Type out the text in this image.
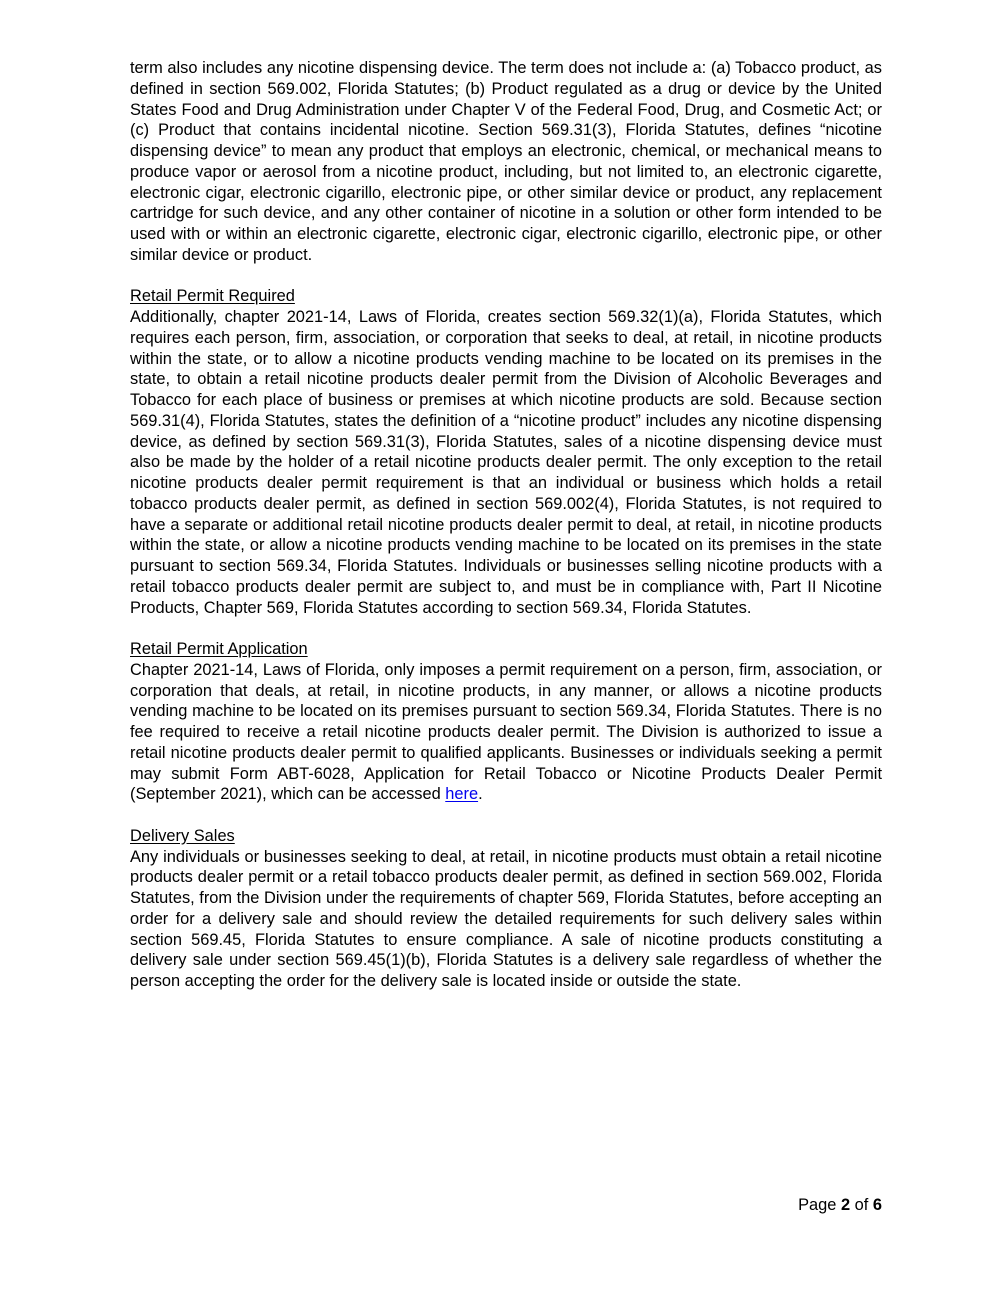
term also includes any nicotine dispensing device. The term does not include a: (a) Tobacco product, as defined in section 569.002, Florida Statutes; (b) Product regulated as a drug or device by the United States Food and Drug Administration under Chapter V of the Federal Food, Drug, and Cosmetic Act; or (c) Product that contains incidental nicotine. Section 569.31(3), Florida Statutes, defines “nicotine dispensing device” to mean any product that employs an electronic, chemical, or mechanical means to produce vapor or aerosol from a nicotine product, including, but not limited to, an electronic cigarette, electronic cigar, electronic cigarillo, electronic pipe, or other similar device or product, any replacement cartridge for such device, and any other container of nicotine in a solution or other form intended to be used with or within an electronic cigarette, electronic cigar, electronic cigarillo, electronic pipe, or other similar device or product.

Retail Permit Required

Additionally, chapter 2021-14, Laws of Florida, creates section 569.32(1)(a), Florida Statutes, which requires each person, firm, association, or corporation that seeks to deal, at retail, in nicotine products within the state, or to allow a nicotine products vending machine to be located on its premises in the state, to obtain a retail nicotine products dealer permit from the Division of Alcoholic Beverages and Tobacco for each place of business or premises at which nicotine products are sold. Because section 569.31(4), Florida Statutes, states the definition of a “nicotine product” includes any nicotine dispensing device, as defined by section 569.31(3), Florida Statutes, sales of a nicotine dispensing device must also be made by the holder of a retail nicotine products dealer permit. The only exception to the retail nicotine products dealer permit requirement is that an individual or business which holds a retail tobacco products dealer permit, as defined in section 569.002(4), Florida Statutes, is not required to have a separate or additional retail nicotine products dealer permit to deal, at retail, in nicotine products within the state, or allow a nicotine products vending machine to be located on its premises in the state pursuant to section 569.34, Florida Statutes. Individuals or businesses selling nicotine products with a retail tobacco products dealer permit are subject to, and must be in compliance with, Part II Nicotine Products, Chapter 569, Florida Statutes according to section 569.34, Florida Statutes.

Retail Permit Application

Chapter 2021-14, Laws of Florida, only imposes a permit requirement on a person, firm, association, or corporation that deals, at retail, in nicotine products, in any manner, or allows a nicotine products vending machine to be located on its premises pursuant to section 569.34, Florida Statutes. There is no fee required to receive a retail nicotine products dealer permit. The Division is authorized to issue a retail nicotine products dealer permit to qualified applicants. Businesses or individuals seeking a permit may submit Form ABT-6028, Application for Retail Tobacco or Nicotine Products Dealer Permit (September 2021), which can be accessed here.

Delivery Sales

Any individuals or businesses seeking to deal, at retail, in nicotine products must obtain a retail nicotine products dealer permit or a retail tobacco products dealer permit, as defined in section 569.002, Florida Statutes, from the Division under the requirements of chapter 569, Florida Statutes, before accepting an order for a delivery sale and should review the detailed requirements for such delivery sales within section 569.45, Florida Statutes to ensure compliance. A sale of nicotine products constituting a delivery sale under section 569.45(1)(b), Florida Statutes is a delivery sale regardless of whether the person accepting the order for the delivery sale is located inside or outside the state.

Page 2 of 6
